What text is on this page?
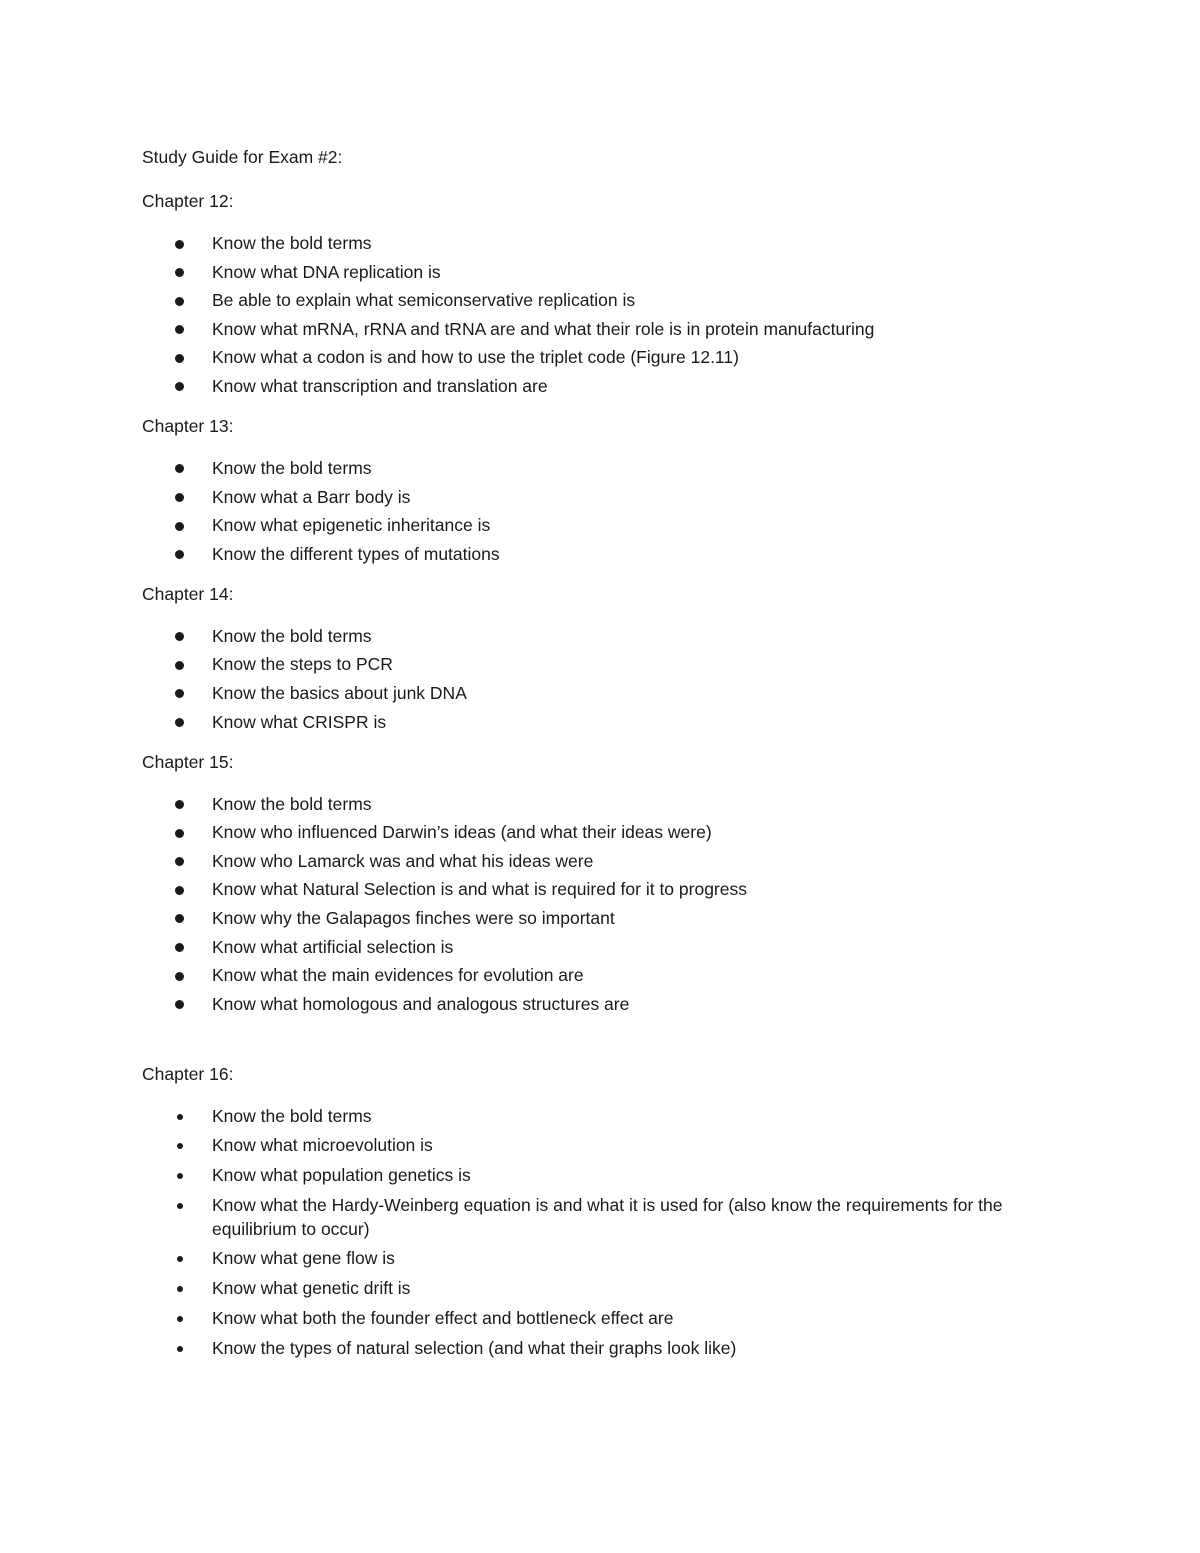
Study Guide for Exam #2:
Chapter 12:
Know the bold terms
Know what DNA replication is
Be able to explain what semiconservative replication is
Know what mRNA, rRNA and tRNA are and what their role is in protein manufacturing
Know what a codon is and how to use the triplet code (Figure 12.11)
Know what transcription and translation are
Chapter 13:
Know the bold terms
Know what a Barr body is
Know what epigenetic inheritance is
Know the different types of mutations
Chapter 14:
Know the bold terms
Know the steps to PCR
Know the basics about junk DNA
Know what CRISPR is
Chapter 15:
Know the bold terms
Know who influenced Darwin’s ideas (and what their ideas were)
Know who Lamarck was and what his ideas were
Know what Natural Selection is and what is required for it to progress
Know why the Galapagos finches were so important
Know what artificial selection is
Know what the main evidences for evolution are
Know what homologous and analogous structures are
Chapter 16:
Know the bold terms
Know what microevolution is
Know what population genetics is
Know what the Hardy-Weinberg equation is and what it is used for (also know the requirements for the equilibrium to occur)
Know what gene flow is
Know what genetic drift is
Know what both the founder effect and bottleneck effect are
Know the types of natural selection (and what their graphs look like)
